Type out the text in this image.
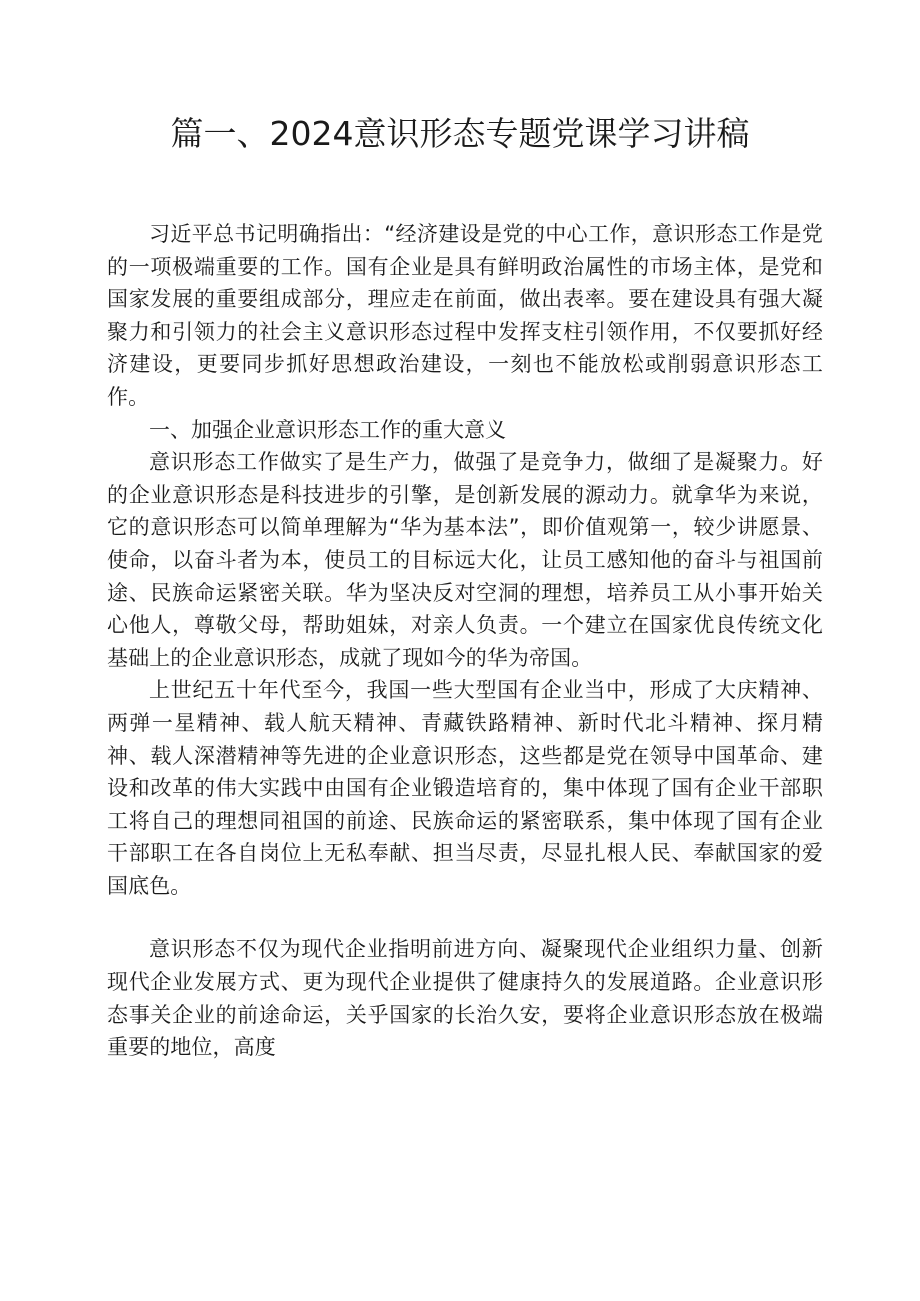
篇一、2024意识形态专题党课学习讲稿

习近平总书记明确指出：“经济建设是党的中心工作，意识形态工作是党的一项极端重要的工作。国有企业是具有鲜明政治属性的市场主体，是党和国家发展的重要组成部分，理应走在前面，做出表率。要在建设具有强大凝聚力和引领力的社会主义意识形态过程中发挥支柱引领作用，不仅要抓好经济建设，更要同步抓好思想政治建设，一刻也不能放松或削弱意识形态工作。

一、加强企业意识形态工作的重大意义

意识形态工作做实了是生产力，做强了是竞争力，做细了是凝聚力。好的企业意识形态是科技进步的引擎，是创新发展的源动力。就拿华为来说，它的意识形态可以简单理解为“华为基本法”，即价值观第一，较少讲愿景、使命，以奋斗者为本，使员工的目标远大化，让员工感知他的奋斗与祖国前途、民族命运紧密关联。华为坚决反对空洞的理想，培养员工从小事开始关心他人，尊敬父母，帮助姐妹，对亲人负责。一个建立在国家优良传统文化基础上的企业意识形态，成就了现如今的华为帝国。

上世纪五十年代至今，我国一些大型国有企业当中，形成了大庆精神、两弹一星精神、载人航天精神、青藏铁路精神、新时代北斗精神、探月精神、载人深潜精神等先进的企业意识形态，这些都是党在领导中国革命、建设和改革的伟大实践中由国有企业锻造培育的，集中体现了国有企业干部职工将自己的理想同祖国的前途、民族命运的紧密联系，集中体现了国有企业干部职工在各自岗位上无私奉献、担当尽责，尽显扎根人民、奉献国家的爱国底色。

意识形态不仅为现代企业指明前进方向、凝聚现代企业组织力量、创新现代企业发展方式、更为现代企业提供了健康持久的发展道路。企业意识形态事关企业的前途命运，关乎国家的长治久安，要将企业意识形态放在极端重要的地位，高度
